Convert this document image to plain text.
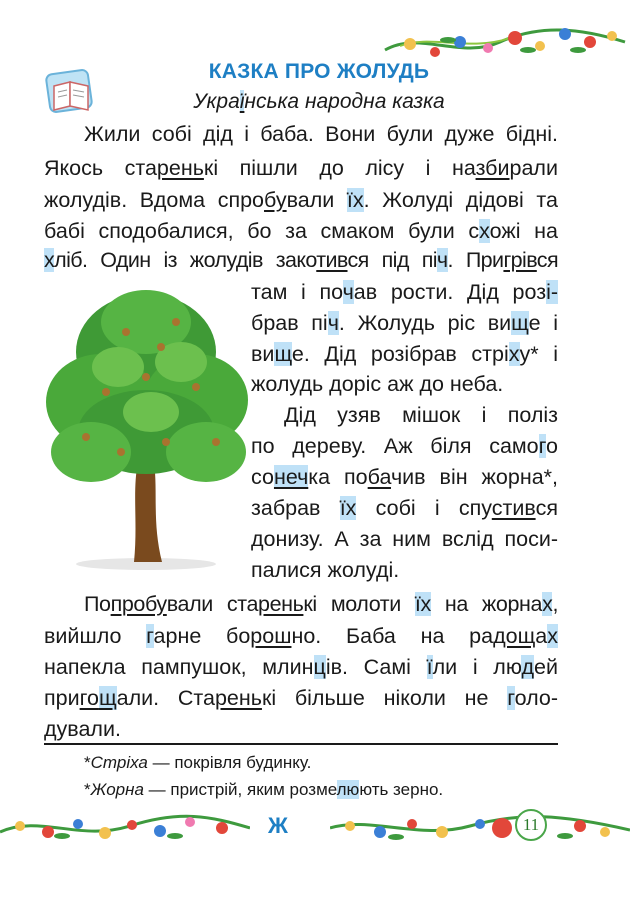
КАЗКА ПРО ЖОЛУДЬ
Українська народна казка
Жили собі дід і баба. Вони були дуже бідні.
Якось старенькі пішли до лісу і назбирали
жолудів. Вдома спробували їх. Жолуді дідові та
бабі сподобалися, бо за смаком були схожі на
хліб. Один із жолудів закотився під піч. Пригрівся
там і почав рости. Дід розі-
брав піч. Жолудь ріс вище і
вище. Дід розібрав стріху* і
жолудь доріс аж до неба.
Дід узяв мішок і поліз
по дереву. Аж біля самого
сонечка побачив він жорна*,
забрав їх собі і спустився
донизу. А за ним вслід поси-
палися жолуді.
Попробували старенькі молоти їх на жорнах,
вийшло гарне борошно. Баба на радощах
напекла пампушок, млинців. Самі їли і людей
пригощали. Старенькі більше ніколи не голо-
дували.
*Стріха — покрівля будинку.
*Жорна — пристрій, яким розмелюють зерно.
Ж	11
